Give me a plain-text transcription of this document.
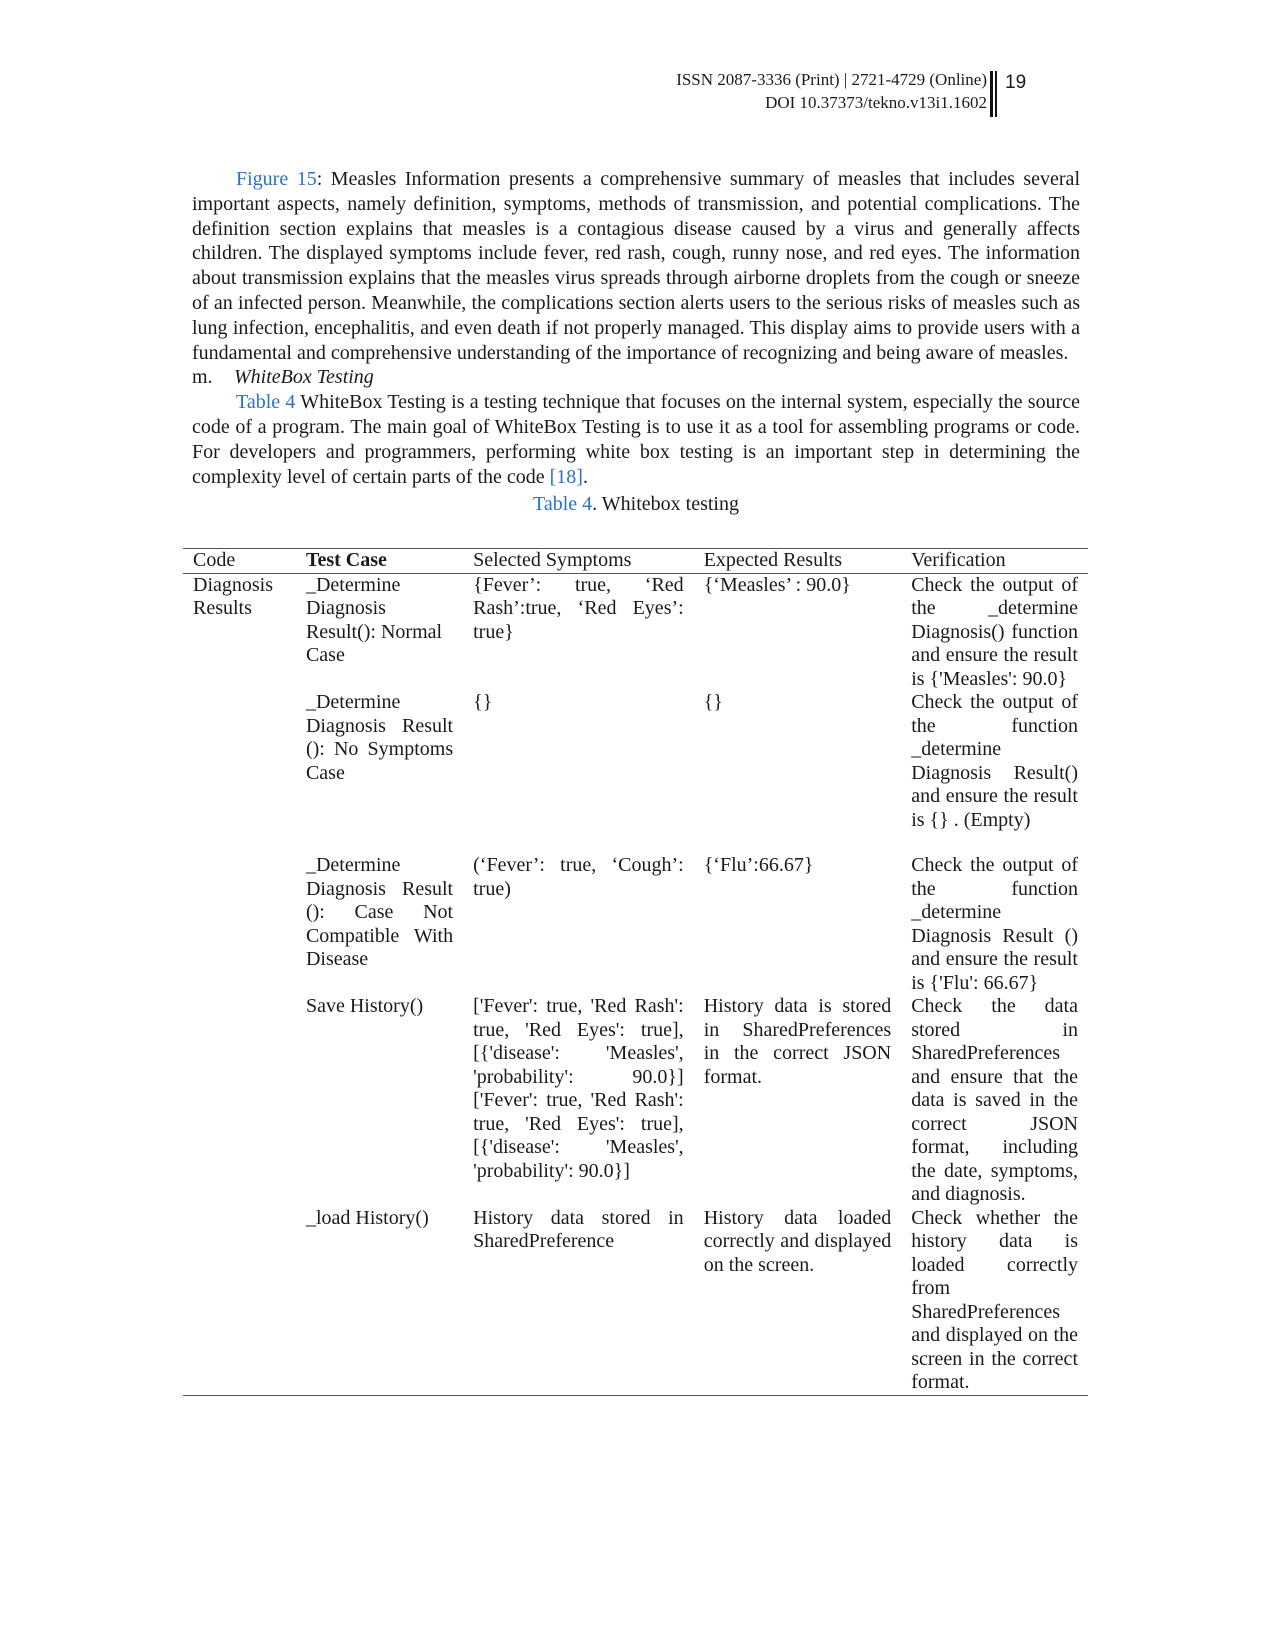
ISSN 2087-3336 (Print) | 2721-4729 (Online)
DOI 10.37373/tekno.v13i1.1602
19

Figure 15: Measles Information presents a comprehensive summary of measles that includes several important aspects, namely definition, symptoms, methods of transmission, and potential complications. The definition section explains that measles is a contagious disease caused by a virus and generally affects children. The displayed symptoms include fever, red rash, cough, runny nose, and red eyes. The information about transmission explains that the measles virus spreads through airborne droplets from the cough or sneeze of an infected person. Meanwhile, the complications section alerts users to the serious risks of measles such as lung infection, encephalitis, and even death if not properly managed. This display aims to provide users with a fundamental and comprehensive understanding of the importance of recognizing and being aware of measles.

m. WhiteBox Testing

Table 4 WhiteBox Testing is a testing technique that focuses on the internal system, especially the source code of a program. The main goal of WhiteBox Testing is to use it as a tool for assembling programs or code. For developers and programmers, performing white box testing is an important step in determining the complexity level of certain parts of the code [18].

Table 4. Whitebox testing

Code	Test Case	Selected Symptoms	Expected Results	Verification
Diagnosis Results	_Determine Diagnosis Result(): Normal Case	{Fever’: true, ‘Red Rash’:true, ‘Red Eyes’: true}	{‘Measles’ : 90.0}	Check the output of the _determine Diagnosis() function and ensure the result is {'Measles': 90.0}
	_Determine Diagnosis Result (): No Symptoms Case	{}	{}	Check the output of the function _determine Diagnosis Result() and ensure the result is {} . (Empty)
	_Determine Diagnosis Result (): Case Not Compatible With Disease	(‘Fever’: true, ‘Cough’: true)	{‘Flu’:66.67}	Check the output of the function _determine Diagnosis Result () and ensure the result is {'Flu': 66.67}
	Save History()	['Fever': true, 'Red Rash': true, 'Red Eyes': true], [{'disease': 'Measles', 'probability': 90.0}] ['Fever': true, 'Red Rash': true, 'Red Eyes': true], [{'disease': 'Measles', 'probability': 90.0}]	History data is stored in SharedPreferences in the correct JSON format.	Check the data stored in SharedPreferences and ensure that the data is saved in the correct JSON format, including the date, symptoms, and diagnosis.
	_load History()	History data stored in SharedPreference	History data loaded correctly and displayed on the screen.	Check whether the history data is loaded correctly from SharedPreferences and displayed on the screen in the correct format.
